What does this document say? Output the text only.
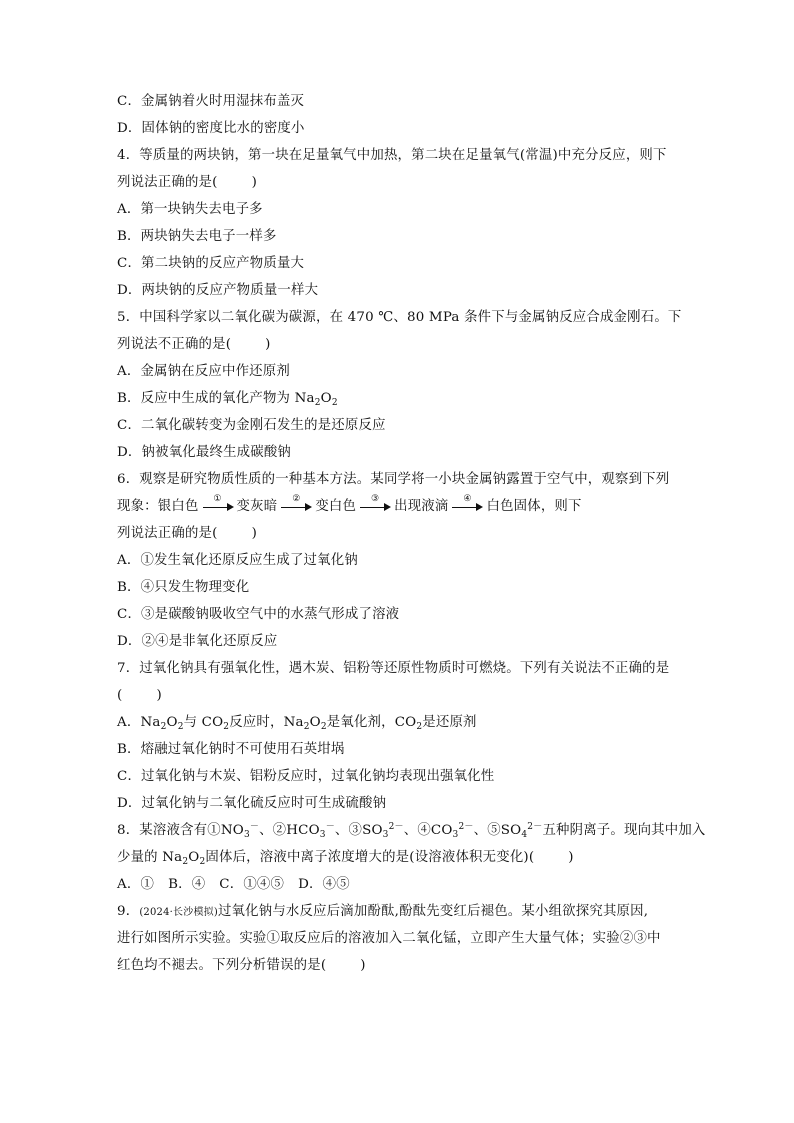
C．金属钠着火时用湿抹布盖灭
D．固体钠的密度比水的密度小
4．等质量的两块钠，第一块在足量氧气中加热，第二块在足量氧气(常温)中充分反应，则下
列说法正确的是(	)
A．第一块钠失去电子多
B．两块钠失去电子一样多
C．第二块钠的反应产物质量大
D．两块钠的反应产物质量一样大
5．中国科学家以二氧化碳为碳源，在 470 ℃、80 MPa 条件下与金属钠反应合成金刚石。下
列说法不正确的是(	)
A．金属钠在反应中作还原剂
B．反应中生成的氧化产物为 $Na_2O_2$
C．二氧化碳转变为金刚石发生的是还原反应
D．钠被氧化最终生成碳酸钠
6．观察是研究物质性质的一种基本方法。某同学将一小块金属钠露置于空气中，观察到下列
现象：银白色	①	变灰暗	②	变白色	③	出现液滴	④	白色固体，则下
列说法正确的是(	)
A．①发生氧化还原反应生成了过氧化钠
B．④只发生物理变化
C．③是碳酸钠吸收空气中的水蒸气形成了溶液
D．②④是非氧化还原反应
7．过氧化钠具有强氧化性，遇木炭、铝粉等还原性物质时可燃烧。下列有关说法不正确的是
(	)
A．$Na_2O_2$与 $CO_2$反应时，$Na_2O_2$是氧化剂，$CO_2$是还原剂
B．熔融过氧化钠时不可使用石英坩埚
C．过氧化钠与木炭、铝粉反应时，过氧化钠均表现出强氧化性
D．过氧化钠与二氧化硫反应时可生成硫酸钠
8．某溶液含有$①NO_3^-$、$②HCO_3^-$、$③SO_3^{2-}$、$④CO_3^{2-}$、$⑤SO_4^{2-}$五种阴离子。现向其中加入
少量的 $Na_2O_2$固体后，溶液中离子浓度增大的是(设溶液体积无变化)(	)
A．① B．④ C．①④⑤ D．④⑤
9．(2024·长沙模拟)过氧化钠与水反应后滴加酚酞,酚酞先变红后褪色。某小组欲探究其原因,
进行如图所示实验。实验①取反应后的溶液加入二氧化锰，立即产生大量气体；实验②③中
红色均不褪去。下列分析错误的是(	)
